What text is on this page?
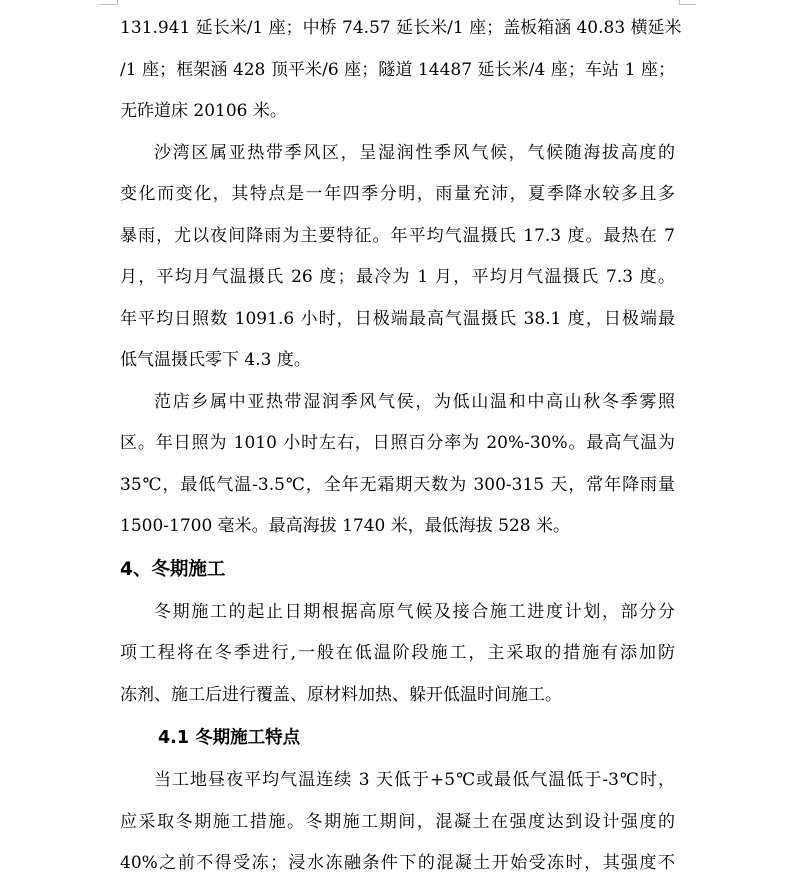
131.941 延长米/1 座；中桥 74.57 延长米/1 座；盖板箱涵 40.83 横延米
/1 座；框架涵 428 顶平米/6 座；隧道 14487 延长米/4 座；车站 1 座；
无砟道床 20106 米。
沙湾区属亚热带季风区，呈湿润性季风气候，气候随海拔高度的
变化而变化，其特点是一年四季分明，雨量充沛，夏季降水较多且多
暴雨，尤以夜间降雨为主要特征。年平均气温摄氏 17.3 度。最热在 7
月，平均月气温摄氏 26 度；最冷为 1 月，平均月气温摄氏 7.3 度。
年平均日照数 1091.6 小时，日极端最高气温摄氏 38.1 度，日极端最
低气温摄氏零下 4.3 度。
范店乡属中亚热带湿润季风气侯，为低山温和中高山秋冬季雾照
区。年日照为 1010 小时左右，日照百分率为 20%-30%。最高气温为
35℃，最低气温-3.5℃，全年无霜期天数为 300-315 天，常年降雨量
1500-1700 毫米。最高海拔 1740 米，最低海拔 528 米。
4、冬期施工
冬期施工的起止日期根据高原气候及接合施工进度计划，部分分
项工程将在冬季进行,一般在低温阶段施工，主采取的措施有添加防
冻剂、施工后进行覆盖、原材料加热、躲开低温时间施工。
4.1 冬期施工特点
当工地昼夜平均气温连续 3 天低于+5℃或最低气温低于-3℃时，
应采取冬期施工措施。冬期施工期间，混凝土在强度达到设计强度的
40%之前不得受冻；浸水冻融条件下的混凝土开始受冻时，其强度不
